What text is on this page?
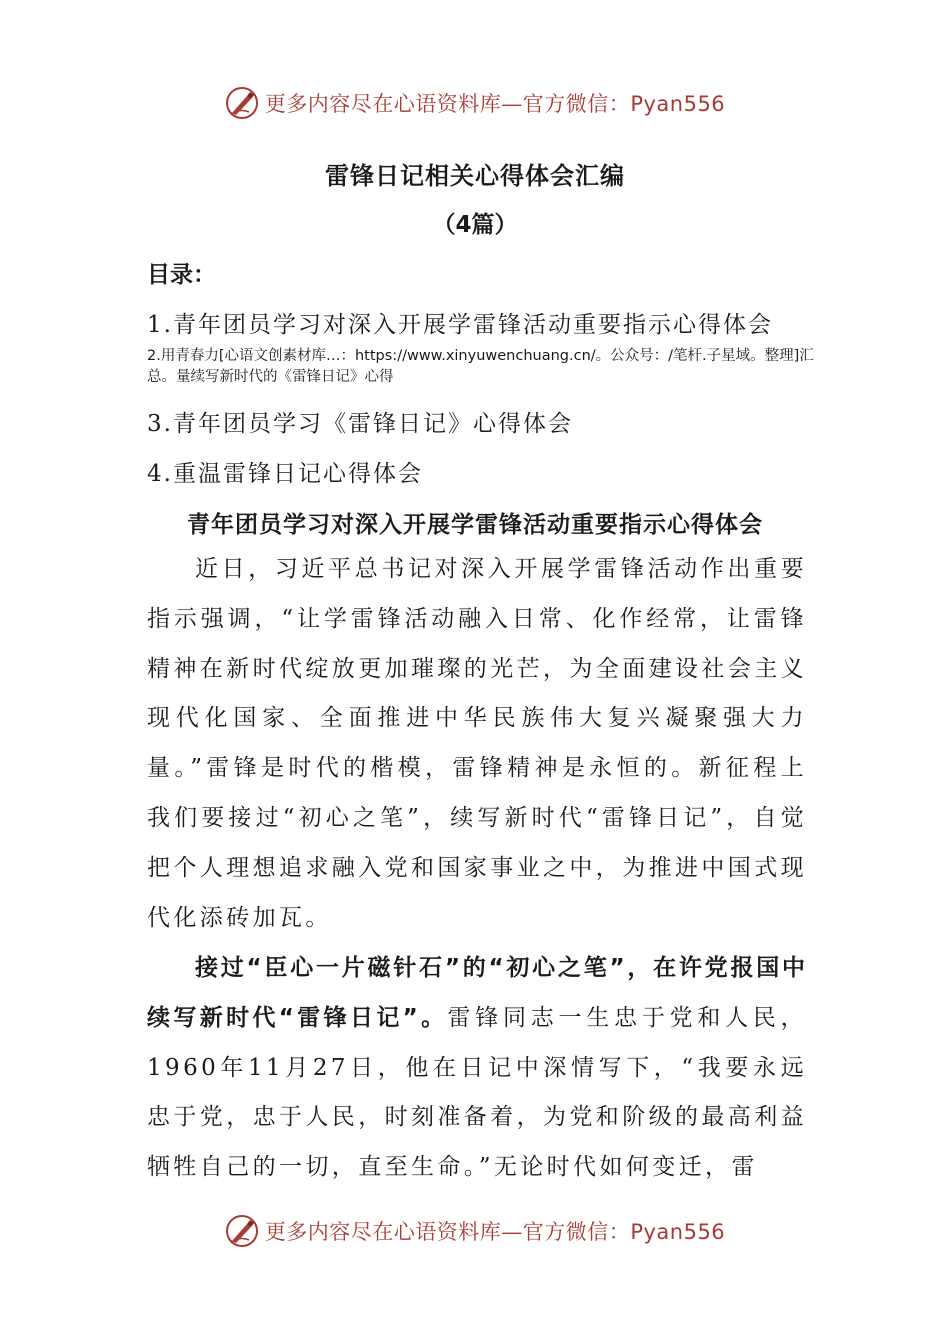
更多内容尽在心语资料库—官方微信：Pyan556
雷锋日记相关心得体会汇编
（4篇）
目录：
1.青年团员学习对深入开展学雷锋活动重要指示心得体会
2.用青春力[心语文创素材库…：https://www.xinyuwenchuang.cn/。公众号：/笔杆.子星域。整理]汇总。量续写新时代的《雷锋日记》心得
3.青年团员学习《雷锋日记》心得体会
4.重温雷锋日记心得体会
青年团员学习对深入开展学雷锋活动重要指示心得体会

近日，习近平总书记对深入开展学雷锋活动作出重要指示强调，“让学雷锋活动融入日常、化作经常，让雷锋精神在新时代绽放更加璀璨的光芒，为全面建设社会主义现代化国家、全面推进中华民族伟大复兴凝聚强大力量。”雷锋是时代的楷模，雷锋精神是永恒的。新征程上我们要接过“初心之笔”，续写新时代“雷锋日记”，自觉把个人理想追求融入党和国家事业之中，为推进中国式现代化添砖加瓦。

接过“臣心一片磁针石”的“初心之笔”，在许党报国中续写新时代“雷锋日记”。雷锋同志一生忠于党和人民，1960年11月27日，他在日记中深情写下，“我要永远忠于党，忠于人民，时刻准备着，为党和阶级的最高利益牺牲自己的一切，直至生命。”无论时代如何变迁，雷

更多内容尽在心语资料库—官方微信：Pyan556
